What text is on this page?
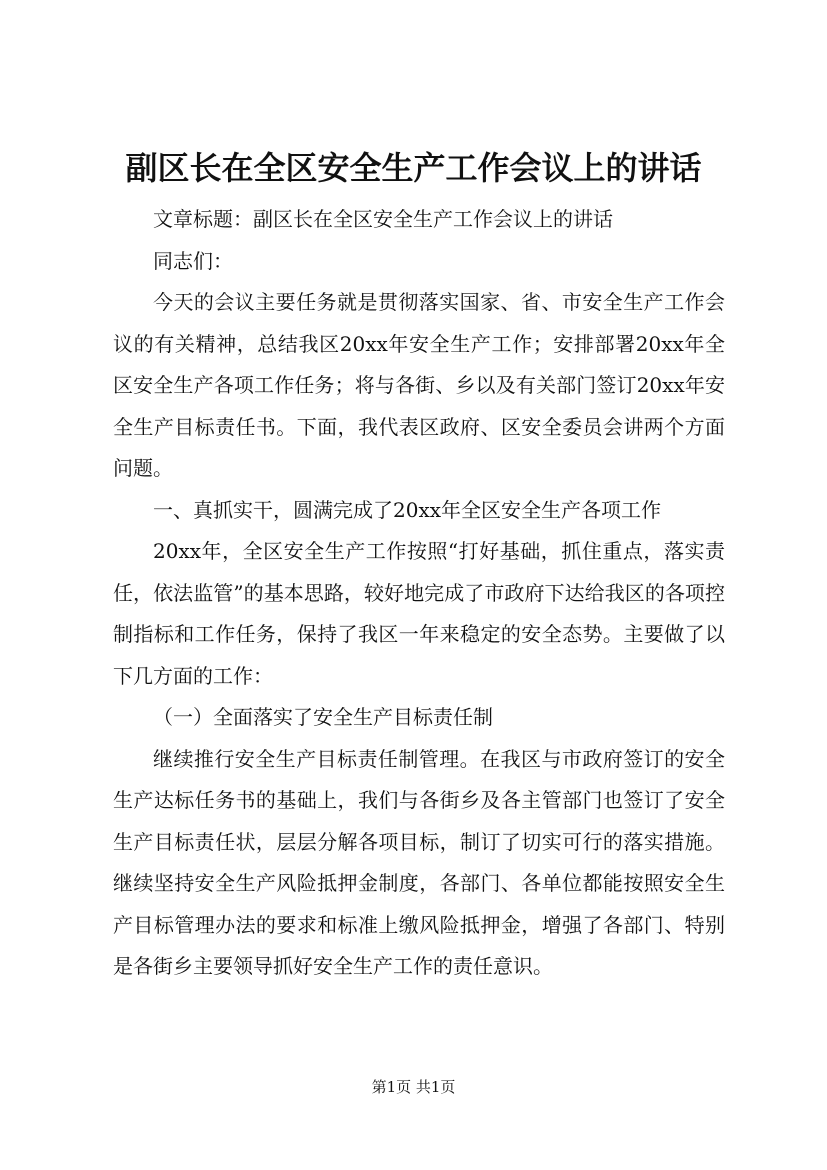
副区长在全区安全生产工作会议上的讲话

文章标题：副区长在全区安全生产工作会议上的讲话

同志们：

今天的会议主要任务就是贯彻落实国家、省、市安全生产工作会议的有关精神，总结我区20xx年安全生产工作；安排部署20xx年全区安全生产各项工作任务；将与各街、乡以及有关部门签订20xx年安全生产目标责任书。下面，我代表区政府、区安全委员会讲两个方面问题。

一、真抓实干，圆满完成了20xx年全区安全生产各项工作

20xx年，全区安全生产工作按照“打好基础，抓住重点，落实责任，依法监管”的基本思路，较好地完成了市政府下达给我区的各项控制指标和工作任务，保持了我区一年来稳定的安全态势。主要做了以下几方面的工作：

（一）全面落实了安全生产目标责任制

继续推行安全生产目标责任制管理。在我区与市政府签订的安全生产达标任务书的基础上，我们与各街乡及各主管部门也签订了安全生产目标责任状，层层分解各项目标，制订了切实可行的落实措施。继续坚持安全生产风险抵押金制度，各部门、各单位都能按照安全生产目标管理办法的要求和标准上缴风险抵押金，增强了各部门、特别是各街乡主要领导抓好安全生产工作的责任意识。

第1页 共1页
